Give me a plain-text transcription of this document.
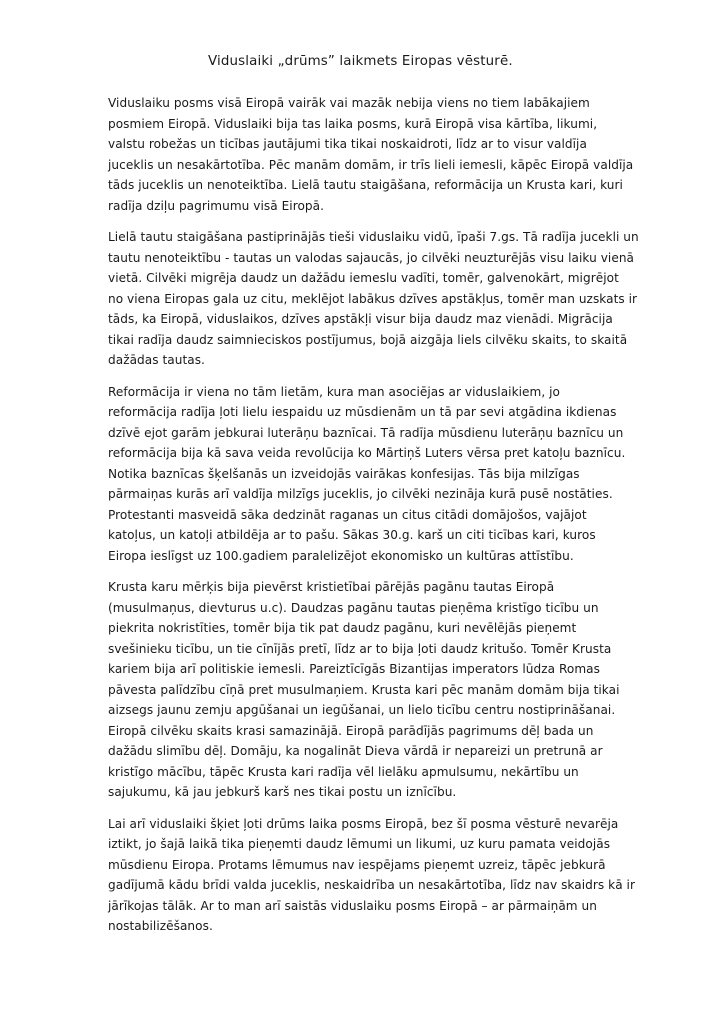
Viduslaiki „drūms” laikmets Eiropas vēsturē.
Viduslaiku posms visā Eiropā vairāk vai mazāk nebija viens no tiem labākajiem
posmiem Eiropā. Viduslaiki bija tas laika posms, kurā Eiropā visa kārtība, likumi,
valstu robežas un ticības jautājumi tika tikai noskaidroti, līdz ar to visur valdīja
juceklis un nesakārtotība. Pēc manām domām, ir trīs lieli iemesli, kāpēc Eiropā valdīja
tāds juceklis un nenoteiktība. Lielā tautu staigāšana, reformācija un Krusta kari, kuri
radīja dziļu pagrimumu visā Eiropā.
Lielā tautu staigāšana pastiprinājās tieši viduslaiku vidū, īpaši 7.gs. Tā radīja jucekli un
tautu nenoteiktību - tautas un valodas sajaucās, jo cilvēki neuzturējās visu laiku vienā
vietā. Cilvēki migrēja daudz un dažādu iemeslu vadīti, tomēr, galvenokārt, migrējot
no viena Eiropas gala uz citu, meklējot labākus dzīves apstākļus, tomēr man uzskats ir
tāds, ka Eiropā, viduslaikos, dzīves apstākļi visur bija daudz maz vienādi. Migrācija
tikai radīja daudz saimnieciskos postījumus, bojā aizgāja liels cilvēku skaits, to skaitā
dažādas tautas.
Reformācija ir viena no tām lietām, kura man asociējas ar viduslaikiem, jo
reformācija radīja ļoti lielu iespaidu uz mūsdienām un tā par sevi atgādina ikdienas
dzīvē ejot garām jebkurai luterāņu baznīcai. Tā radīja mūsdienu luterāņu baznīcu un
reformācija bija kā sava veida revolūcija ko Mārtiņš Luters vērsa pret katoļu baznīcu.
Notika baznīcas šķelšanās un izveidojās vairākas konfesijas. Tās bija milzīgas
pārmaiņas kurās arī valdīja milzīgs juceklis, jo cilvēki nezināja kurā pusē nostāties.
Protestanti masveidā sāka dedzināt raganas un citus citādi domājošos, vajājot
katoļus, un katoļi atbildēja ar to pašu. Sākas 30.g. karš un citi ticības kari, kuros
Eiropa ieslīgst uz 100.gadiem paralelizējot ekonomisko un kultūras attīstību.
Krusta karu mērķis bija pievērst kristietībai pārējās pagānu tautas Eiropā
(musulmaņus, dievturus u.c). Daudzas pagānu tautas pieņēma kristīgo ticību un
piekrita nokristīties, tomēr bija tik pat daudz pagānu, kuri nevēlējās pieņemt
svešinieku ticību, un tie cīnījās pretī, līdz ar to bija ļoti daudz kritušo. Tomēr Krusta
kariem bija arī politiskie iemesli. Pareiztīcīgās Bizantijas imperators lūdza Romas
pāvesta palīdzību cīņā pret musulmaņiem. Krusta kari pēc manām domām bija tikai
aizsegs jaunu zemju apgūšanai un iegūšanai, un lielo ticību centru nostiprināšanai.
Eiropā cilvēku skaits krasi samazinājā. Eiropā parādījās pagrimums dēļ bada un
dažādu slimību dēļ. Domāju, ka nogalināt Dieva vārdā ir nepareizi un pretrunā ar
kristīgo mācību, tāpēc Krusta kari radīja vēl lielāku apmulsumu, nekārtību un
sajukumu, kā jau jebkurš karš nes tikai postu un iznīcību.
Lai arī viduslaiki šķiet ļoti drūms laika posms Eiropā, bez šī posma vēsturē nevarēja
iztikt, jo šajā laikā tika pieņemti daudz lēmumi un likumi, uz kuru pamata veidojās
mūsdienu Eiropa. Protams lēmumus nav iespējams pieņemt uzreiz, tāpēc jebkurā
gadījumā kādu brīdi valda juceklis, neskaidrība un nesakārtotība, līdz nav skaidrs kā ir
jārīkojas tālāk. Ar to man arī saistās viduslaiku posms Eiropā – ar pārmaiņām un
nostabilizēšanos.
